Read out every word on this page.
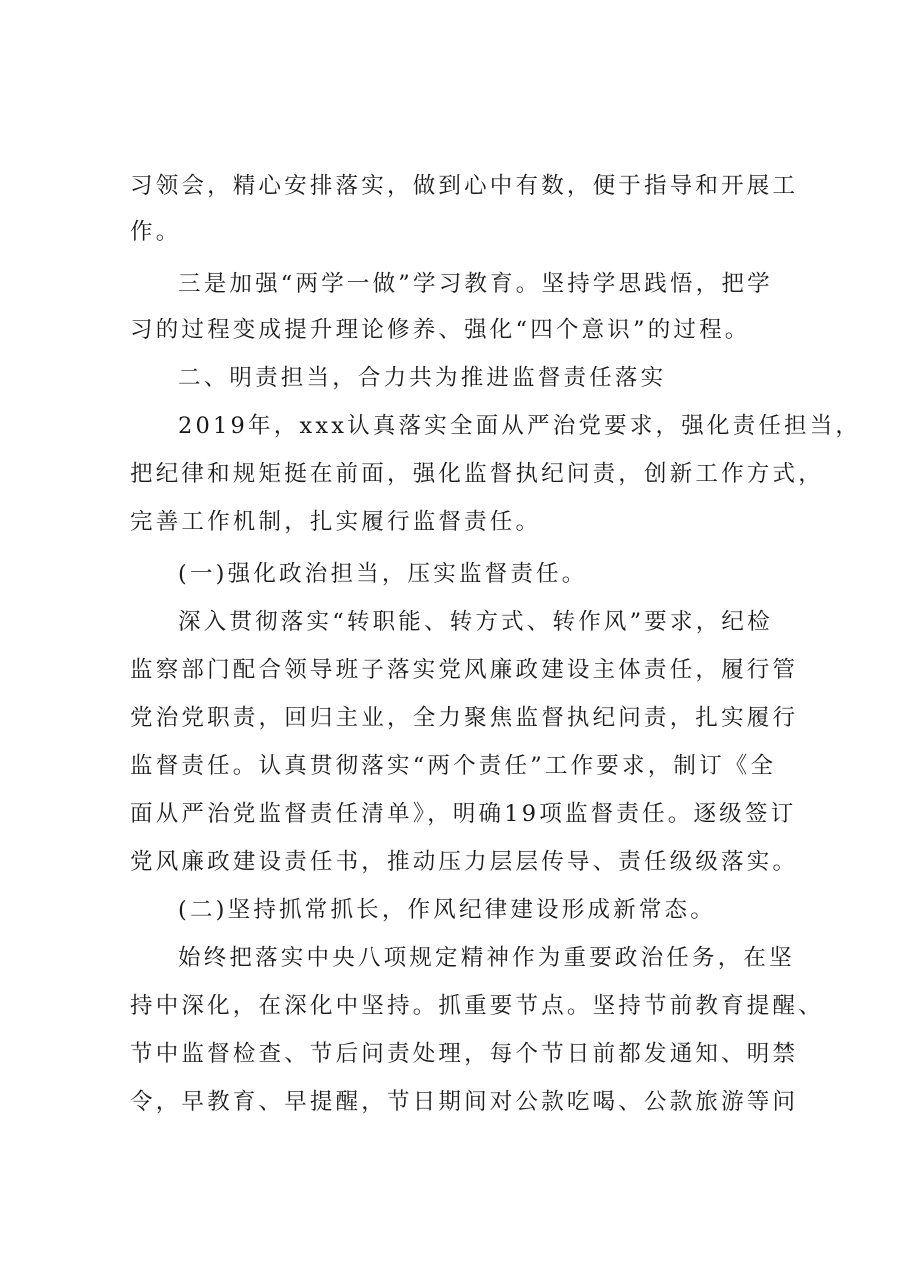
习领会，精心安排落实，做到心中有数，便于指导和开展工
作。
三是加强“两学一做”学习教育。坚持学思践悟，把学
习的过程变成提升理论修养、强化“四个意识”的过程。
二、明责担当，合力共为推进监督责任落实
2019年，xxx认真落实全面从严治党要求，强化责任担当，
把纪律和规矩挺在前面，强化监督执纪问责，创新工作方式，
完善工作机制，扎实履行监督责任。
(一)强化政治担当，压实监督责任。
深入贯彻落实“转职能、转方式、转作风”要求，纪检
监察部门配合领导班子落实党风廉政建设主体责任，履行管
党治党职责，回归主业，全力聚焦监督执纪问责，扎实履行
监督责任。认真贯彻落实“两个责任”工作要求，制订《全
面从严治党监督责任清单》，明确19项监督责任。逐级签订
党风廉政建设责任书，推动压力层层传导、责任级级落实。
(二)坚持抓常抓长，作风纪律建设形成新常态。
始终把落实中央八项规定精神作为重要政治任务，在坚
持中深化，在深化中坚持。抓重要节点。坚持节前教育提醒、
节中监督检查、节后问责处理，每个节日前都发通知、明禁
令，早教育、早提醒，节日期间对公款吃喝、公款旅游等问
